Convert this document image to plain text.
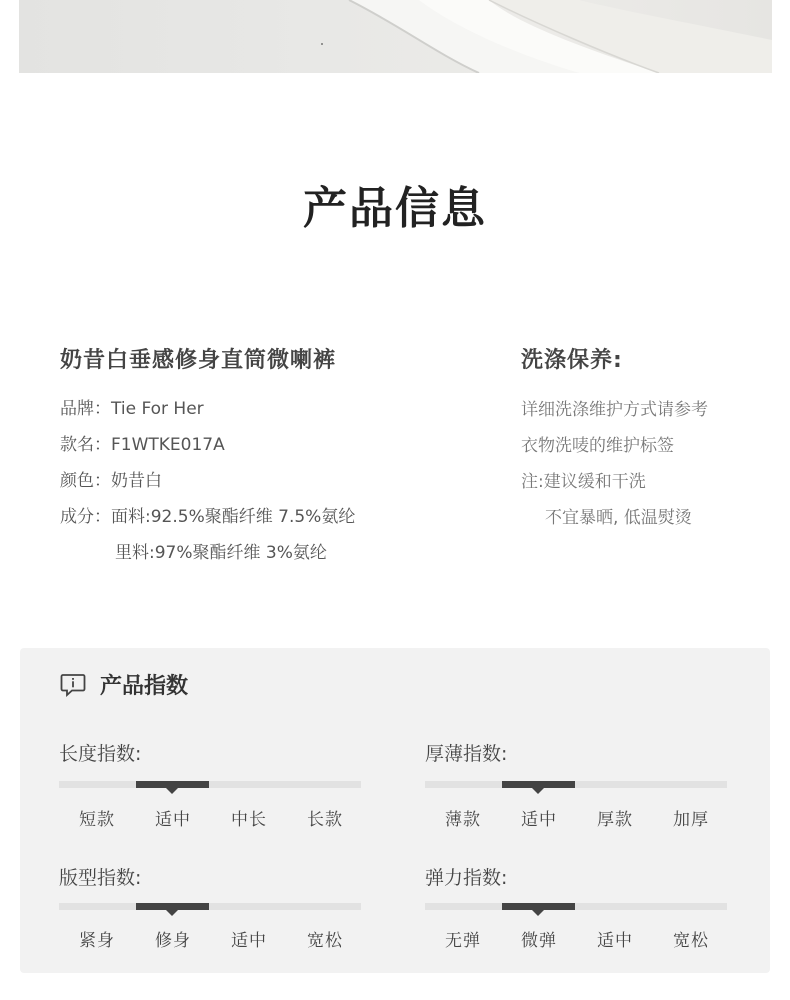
产品信息
奶昔白垂感修身直筒微喇裤
品牌：Tie For Her
款名：F1WTKE017A
颜色：奶昔白
成分：面料:92.5%聚酯纤维 7.5%氨纶
里料:97%聚酯纤维 3%氨纶
洗涤保养:
详细洗涤维护方式请参考
衣物洗唛的维护标签
注:建议缓和干洗
不宜暴晒, 低温熨烫
产品指数
长度指数:
短款	适中	中长	长款
厚薄指数:
薄款	适中	厚款	加厚
版型指数:
紧身	修身	适中	宽松
弹力指数:
无弹	微弹	适中	宽松
